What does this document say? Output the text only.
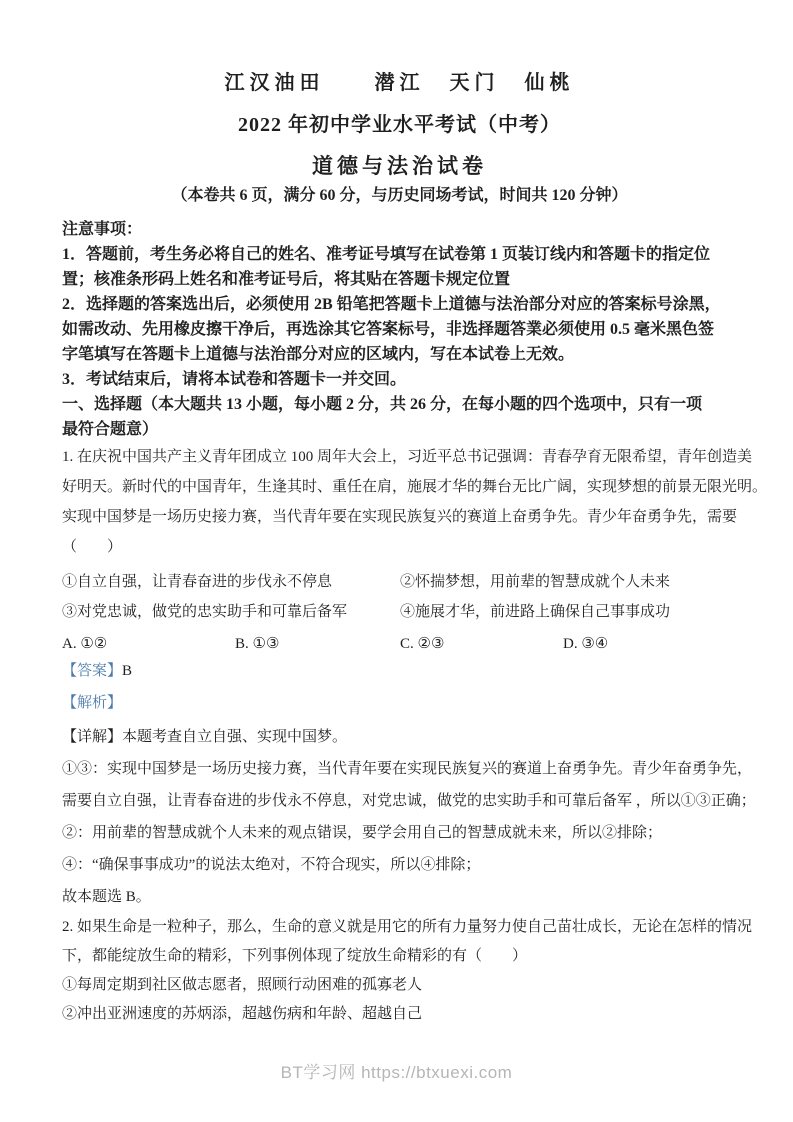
江汉油田　　潜江　天门　仙桃
2022 年初中学业水平考试（中考）
道德与法治试卷
（本卷共 6 页，满分 60 分，与历史同场考试，时间共 120 分钟）
注意事项：
1．答题前，考生务必将自己的姓名、准考证号填写在试卷第 1 页装订线内和答题卡的指定位
置；核准条形码上姓名和准考证号后，将其贴在答题卡规定位置
2．选择题的答案选出后，必须使用 2B 铅笔把答题卡上道德与法治部分对应的答案标号涂黑，
如需改动、先用橡皮擦干净后，再选涂其它答案标号，非选择题答業必须使用 0.5 毫米黑色签
字笔填写在答题卡上道德与法治部分对应的区域内，写在本试卷上无效。
3．考试结束后，请将本试卷和答题卡一并交回。
一、选择题（本大题共 13 小题，每小题 2 分，共 26 分，在每小题的四个选项中，只有一项
最符合题意）
1. 在庆祝中国共产主义青年团成立 100 周年大会上，习近平总书记强调：青春孕育无限希望，青年创造美
好明天。新时代的中国青年，生逢其时、重任在肩，施展才华的舞台无比广阔，实现梦想的前景无限光明。
实现中国梦是一场历史接力赛，当代青年要在实现民族复兴的赛道上奋勇争先。青少年奋勇争先，需要
（　　）
①自立自强，让青春奋进的步伐永不停息	②怀揣梦想，用前辈的智慧成就个人未来
③对党忠诚，做党的忠实助手和可靠后备军	④施展才华，前进路上确保自己事事成功
A. ①②	B. ①③	C. ②③	D. ③④
【答案】B
【解析】
【详解】本题考查自立自强、实现中国梦。
①③：实现中国梦是一场历史接力赛，当代青年要在实现民族复兴的赛道上奋勇争先。青少年奋勇争先，
需要自立自强，让青春奋进的步伐永不停息，对党忠诚，做党的忠实助手和可靠后备军 ，所以①③正确；
②：用前辈的智慧成就个人未来的观点错误，要学会用自己的智慧成就未来，所以②排除；
④：“确保事事成功”的说法太绝对，不符合现实，所以④排除；
故本题选 B。
2. 如果生命是一粒种子，那么，生命的意义就是用它的所有力量努力使自己苗壮成长，无论在怎样的情况
下，都能绽放生命的精彩，下列事例体现了绽放生命精彩的有（　　）
①每周定期到社区做志愿者，照顾行动困难的孤寡老人
②冲出亚洲速度的苏炳添，超越伤病和年龄、超越自己
BT学习网 https://btxuexi.com
